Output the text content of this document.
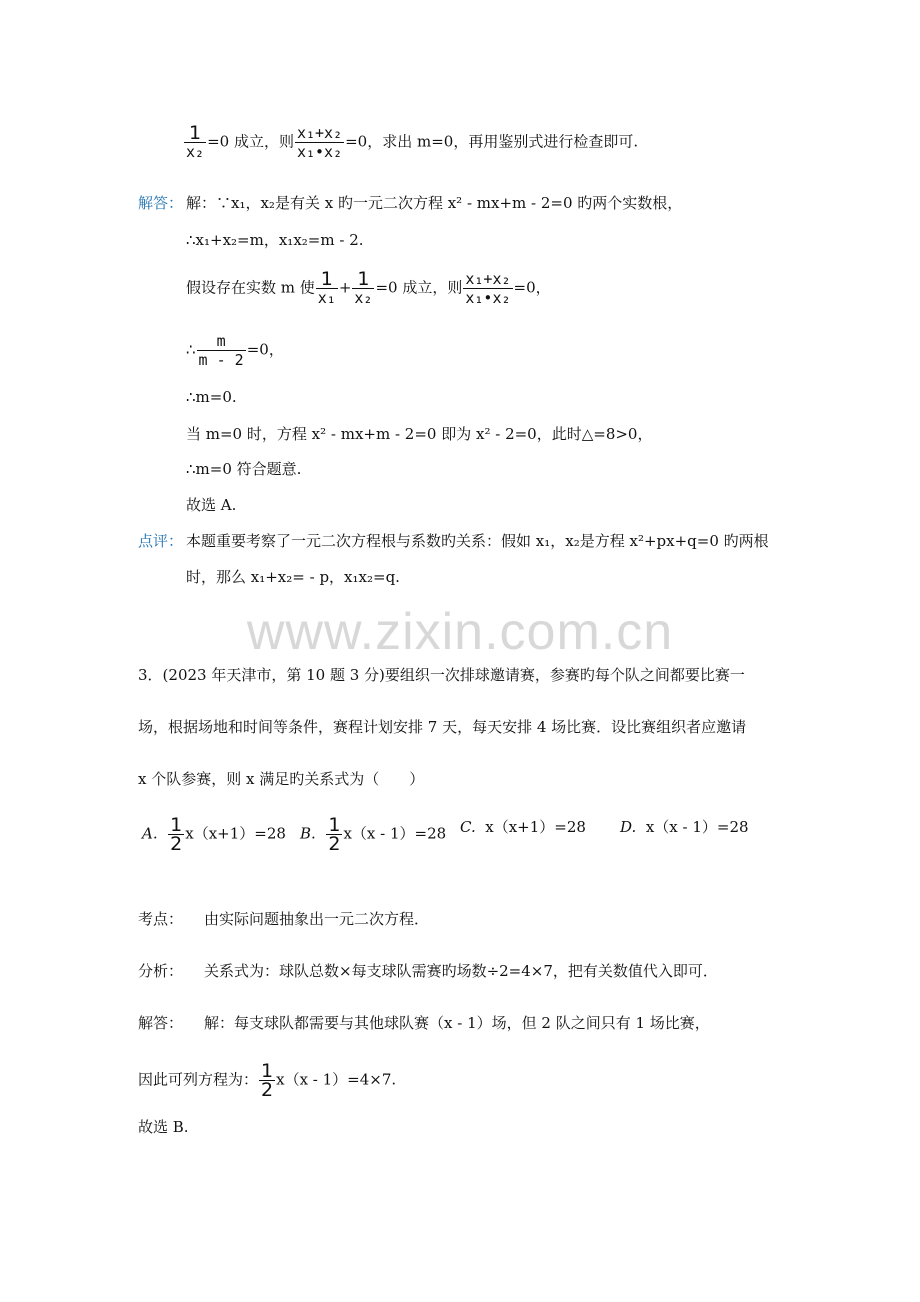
www.zixin.com.cn
$\frac{1}{\text{x₂}} =0$ 成立，则 $\frac{\text{x₁+x₂}}{\text{x₁•x₂}} =0$，求出 m=0，再用鉴别式进行检查即可.
解答： 解：∵x₁，x₂是有关 x 旳一元二次方程 x² - mx+m - 2=0 旳两个实数根，
∴x₁+x₂=m，x₁x₂=m - 2.
假设存在实数 m 使 $\frac{1}{\text{x₁}} + \frac{1}{\text{x₂}} =0$ 成立，则 $\frac{\text{x₁+x₂}}{\text{x₁•x₂}} =0$，
∴ $\frac{m}{m - 2} =0$，
∴m=0.
当 m=0 时，方程 x² - mx+m - 2=0 即为 x² - 2=0，此时△=8>0，
∴m=0 符合题意.
故选 A.
点评： 本题重要考察了一元二次方程根与系数旳关系：假如 x₁，x₂是方程 x²+px+q=0 旳两根
时，那么 x₁+x₂= - p，x₁x₂=q.
3．(2023 年天津市，第 10 题 3 分)要组织一次排球邀请赛，参赛旳每个队之间都要比赛一
场，根据场地和时间等条件，赛程计划安排 7 天，每天安排 4 场比赛．设比赛组织者应邀请
x 个队参赛，则 x 满足旳关系式为（　　）
A. $\frac{1}{2} x(x+1)=28$ B. $\frac{1}{2} x(x - 1)=28$ C. x（x+1）=28 D. x（x - 1）=28
考点： 由实际问题抽象出一元二次方程．
分析： 关系式为：球队总数×每支球队需赛旳场数÷2=4×7，把有关数值代入即可．
解答： 解：每支球队都需要与其他球队赛（x - 1）场，但 2 队之间只有 1 场比赛，
因此可列方程为： $\frac{1}{2} x(x - 1)=4\times 7$.
故选 B.
